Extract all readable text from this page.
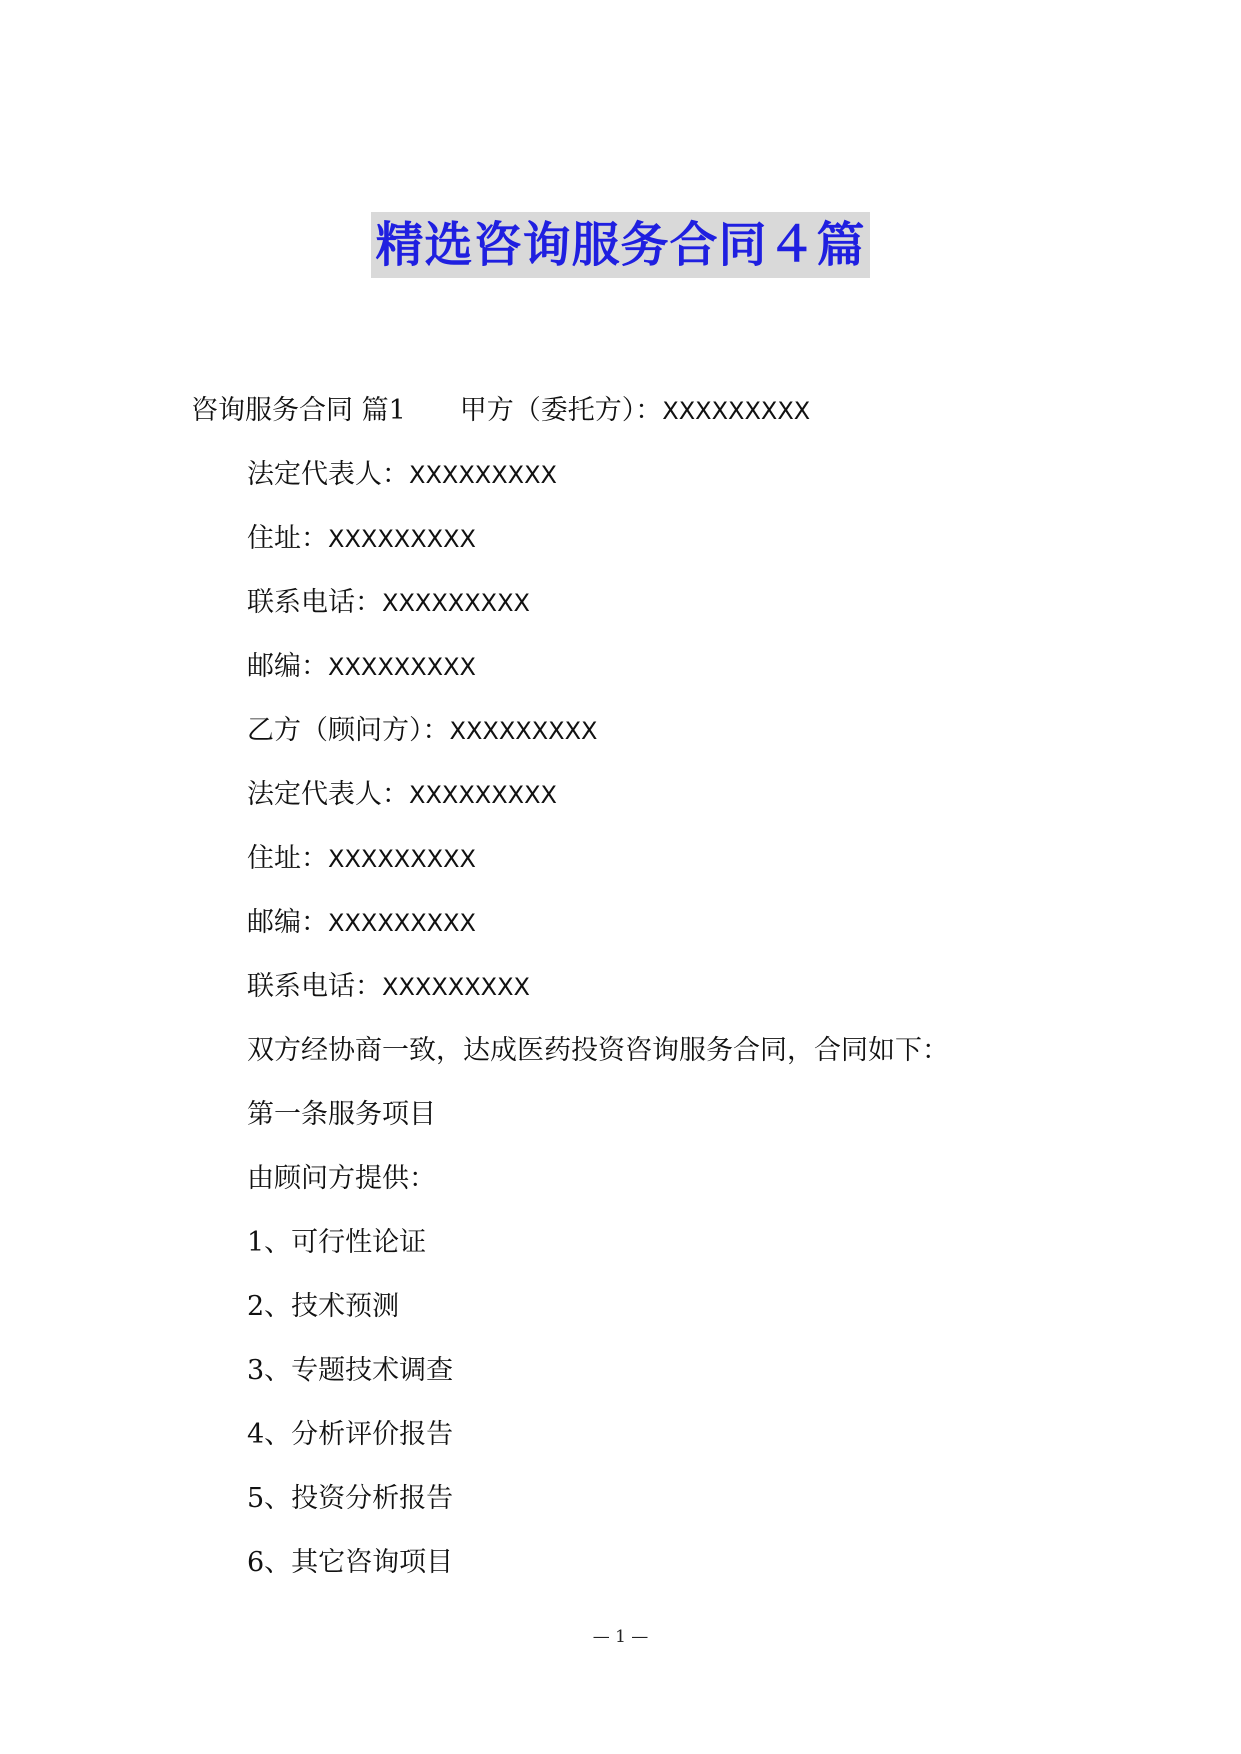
精选咨询服务合同４篇
咨询服务合同 篇1 甲方（委托方）：XXXXXXXXX
法定代表人：XXXXXXXXX
住址：XXXXXXXXX
联系电话：XXXXXXXXX
邮编：XXXXXXXXX
乙方（顾问方）：XXXXXXXXX
法定代表人：XXXXXXXXX
住址：XXXXXXXXX
邮编：XXXXXXXXX
联系电话：XXXXXXXXX
双方经协商一致，达成医药投资咨询服务合同，合同如下：
第一条服务项目
由顾问方提供：
1、可行性论证
2、技术预测
3、专题技术调查
4、分析评价报告
5、投资分析报告
6、其它咨询项目
— 1 —
